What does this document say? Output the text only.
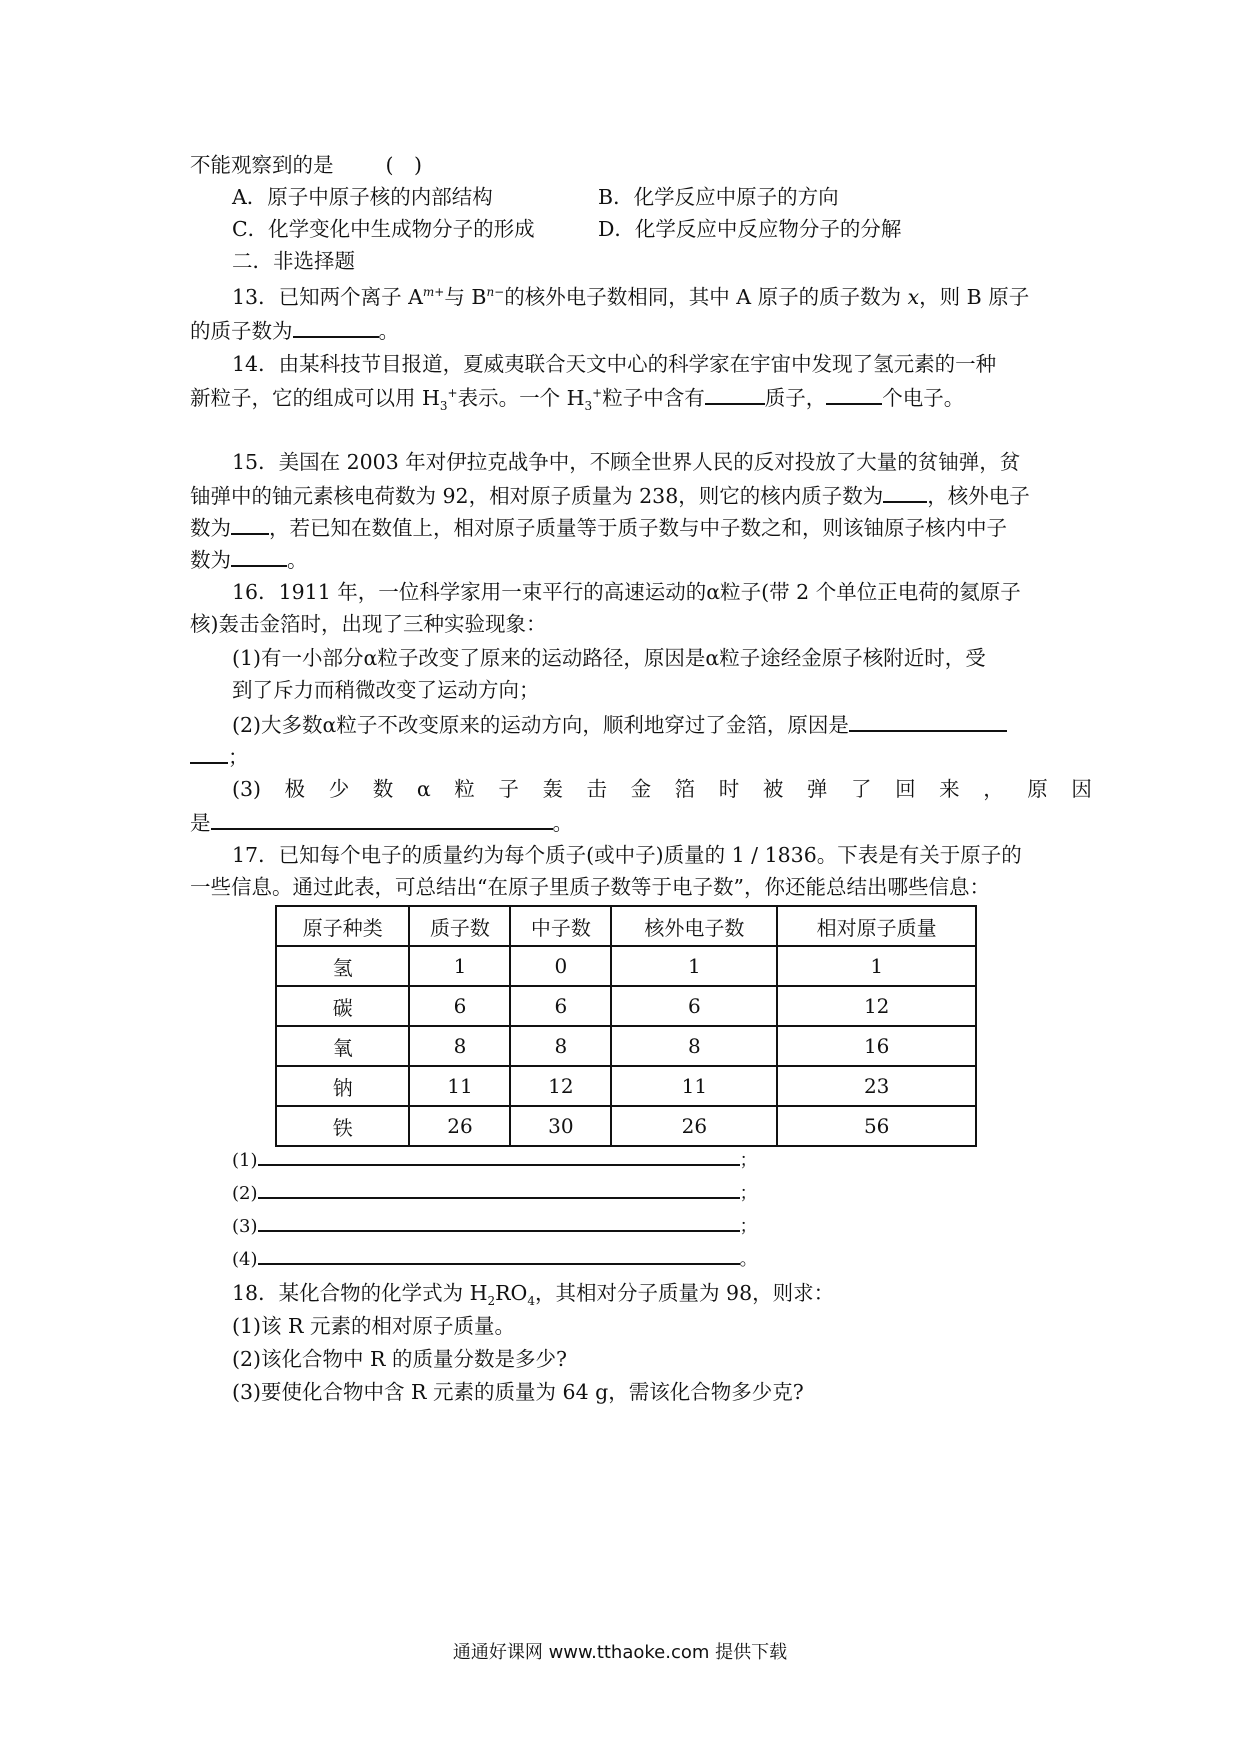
不能观察到的是	(　)
A．原子中原子核的内部结构	B．化学反应中原子的方向
C．化学变化中生成物分子的形成	D．化学反应中反应物分子的分解
二．非选择题
13．已知两个离子 $A^{m+}$与 $B^{n-}$的核外电子数相同，其中 A 原子的质子数为 x，则 B 原子
的质子数为	。
14．由某科技节目报道，夏威夷联合天文中心的科学家在宇宙中发现了氢元素的一种
新粒子，它的组成可以用 $H_3^+$表示。一个 $H_3^+$粒子中含有	质子，	个电子。
15．美国在 2003 年对伊拉克战争中，不顾全世界人民的反对投放了大量的贫铀弹，贫
铀弹中的铀元素核电荷数为 92，相对原子质量为 238，则它的核内质子数为 ，核外电子
数为 ，若已知在数值上，相对原子质量等于质子数与中子数之和，则该铀原子核内中子
数为	。
16．1911 年，一位科学家用一束平行的高速运动的α粒子(带 2 个单位正电荷的氦原子
核)轰击金箔时，出现了三种实验现象：
(1)有一小部分α粒子改变了原来的运动路径，原因是α粒子途经金原子核附近时，受
到了斥力而稍微改变了运动方向；
(2)大多数α粒子不改变原来的运动方向，顺利地穿过了金箔，原因是
；
(3) 极 少 数 α 粒 子 轰 击 金 箔 时 被 弹 了 回 来 ， 原 因
是	。
17．已知每个电子的质量约为每个质子(或中子)质量的 1 / 1836。下表是有关于原子的
一些信息。通过此表，可总结出“在原子里质子数等于电子数”，你还能总结出哪些信息：
原子种类	质子数	中子数	核外电子数	相对原子质量
氢	1	0	1	1
碳	6	6	6	12
氧	8	8	8	16
钠	11	12	11	23
铁	26	30	26	56
(1)	；
(2)	；
(3)	；
(4)	。
18．某化合物的化学式为 $H_2RO_4$，其相对分子质量为 98，则求：
(1)该 R 元素的相对原子质量。
(2)该化合物中 R 的质量分数是多少?
(3)要使化合物中含 R 元素的质量为 64 g，需该化合物多少克?
通通好课网 www.tthaoke.com 提供下载
